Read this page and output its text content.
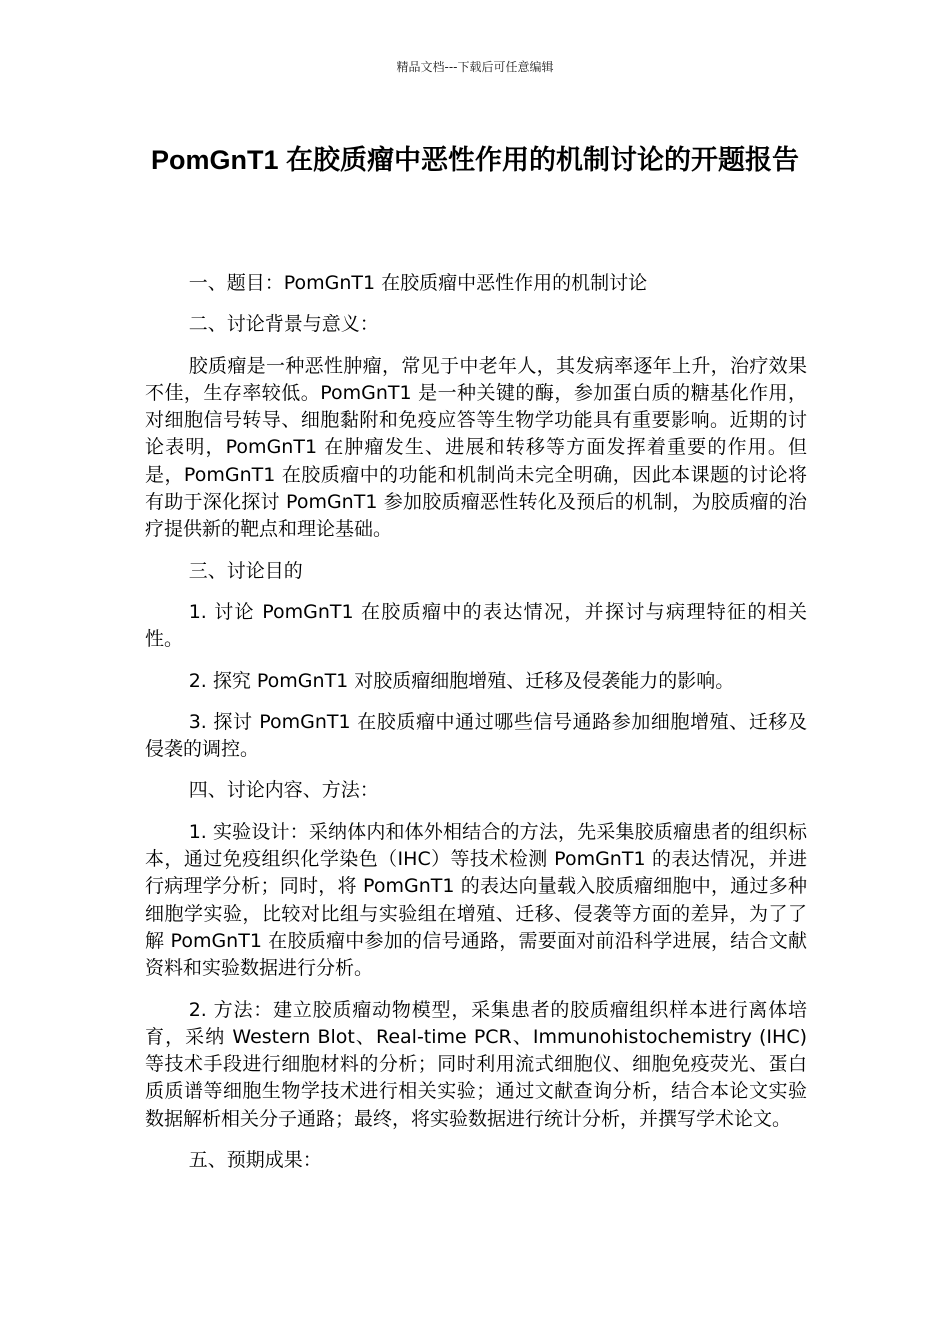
精品文档---下载后可任意编辑
PomGnT1 在胶质瘤中恶性作用的机制讨论的开题报告

一、题目：PomGnT1 在胶质瘤中恶性作用的机制讨论

二、讨论背景与意义：

胶质瘤是一种恶性肿瘤，常见于中老年人，其发病率逐年上升，治疗效果不佳，生存率较低。PomGnT1 是一种关键的酶，参加蛋白质的糖基化作用，对细胞信号转导、细胞黏附和免疫应答等生物学功能具有重要影响。近期的讨论表明，PomGnT1 在肿瘤发生、进展和转移等方面发挥着重要的作用。但是，PomGnT1 在胶质瘤中的功能和机制尚未完全明确，因此本课题的讨论将有助于深化探讨 PomGnT1 参加胶质瘤恶性转化及预后的机制，为胶质瘤的治疗提供新的靶点和理论基础。

三、讨论目的

1. 讨论 PomGnT1 在胶质瘤中的表达情况，并探讨与病理特征的相关性。

2. 探究 PomGnT1 对胶质瘤细胞增殖、迁移及侵袭能力的影响。

3. 探讨 PomGnT1 在胶质瘤中通过哪些信号通路参加细胞增殖、迁移及侵袭的调控。

四、讨论内容、方法：

1. 实验设计：采纳体内和体外相结合的方法，先采集胶质瘤患者的组织标本，通过免疫组织化学染色（IHC）等技术检测 PomGnT1 的表达情况，并进行病理学分析；同时，将 PomGnT1 的表达向量载入胶质瘤细胞中，通过多种细胞学实验，比较对比组与实验组在增殖、迁移、侵袭等方面的差异，为了了解 PomGnT1 在胶质瘤中参加的信号通路，需要面对前沿科学进展，结合文献资料和实验数据进行分析。

2. 方法：建立胶质瘤动物模型，采集患者的胶质瘤组织样本进行离体培育，采纳 Western Blot、Real-time PCR、Immunohistochemistry (IHC)等技术手段进行细胞材料的分析；同时利用流式细胞仪、细胞免疫荧光、蛋白质质谱等细胞生物学技术进行相关实验；通过文献查询分析，结合本论文实验数据解析相关分子通路；最终，将实验数据进行统计分析，并撰写学术论文。

五、预期成果：
